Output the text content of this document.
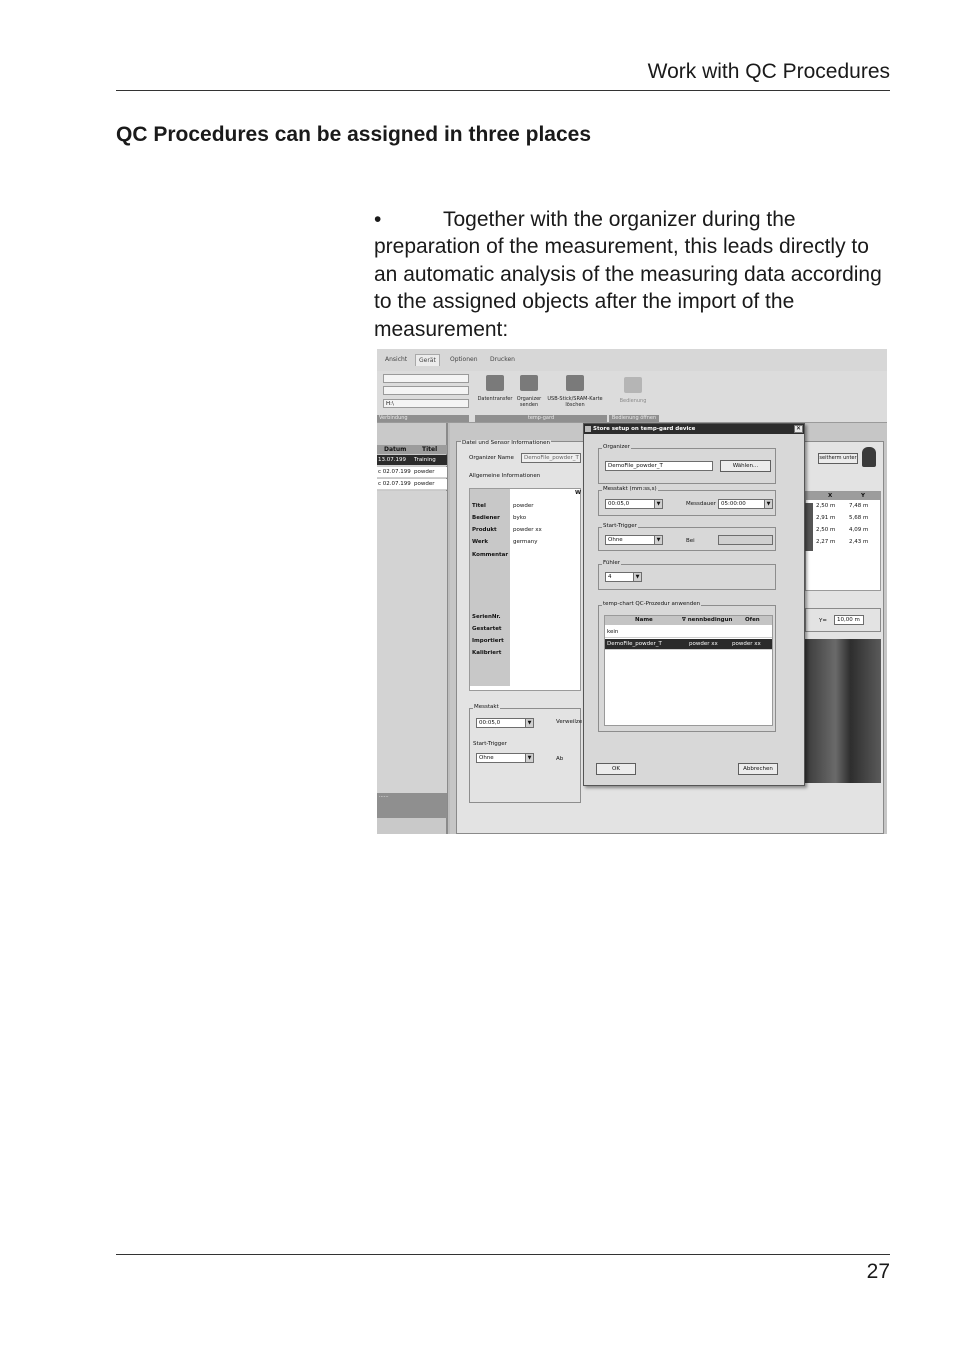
Work with QC Procedures
QC Procedures can be assigned in three places
•	Together with the organizer during the preparation of the measurement, this leads directly to an automatic analysis of the measuring data according to the assigned objects after the import of the measurement:
Ansicht	Gerät	Optionen	Drucken
H:\
Verbindung
Datentransfer Organizer senden
USB-Stick/SRAM-Karte löschen
temp-gard
Bedienung
Bedienung öffnen
Datum	Titel
13.07.199 Training
c 02.07.199 powder
c 02.07.199 powder
......
Datei und Sensor Informationen
Organizer Name	DemoFile_powder_T
Allgemeine Informationen
W
Titel	powder
Bediener byko
Produkt	powder xx
Werk	germany
Kommentar
SerienNr.
Gestartet
Importiert
Kalibriert
Messtakt
00:05,0	▼	Verweilze
Start-Trigger
Ohne	▼	Ab
seitherm unter
X	Y
2,50 m 7,48 m
2,91 m 5,68 m
2,50 m 4,09 m
2,27 m 2,43 m
Y=	10,00 m
Store setup on temp-gard device	✕
Organizer
DemoFile_powder_T	Wählen...
Messtakt (mm:ss,s)
00:05,0	▼	Messdauer 05:00:00	▼
Start-Trigger
Ohne	▼	Bei
Fühler
4	▼
temp-chart QC-Prozedur anwenden
Name	∇ nennbedingun Ofen
kein
DemoFile_powder_T	powder xx	powder xx
OK	Abbrechen
27
